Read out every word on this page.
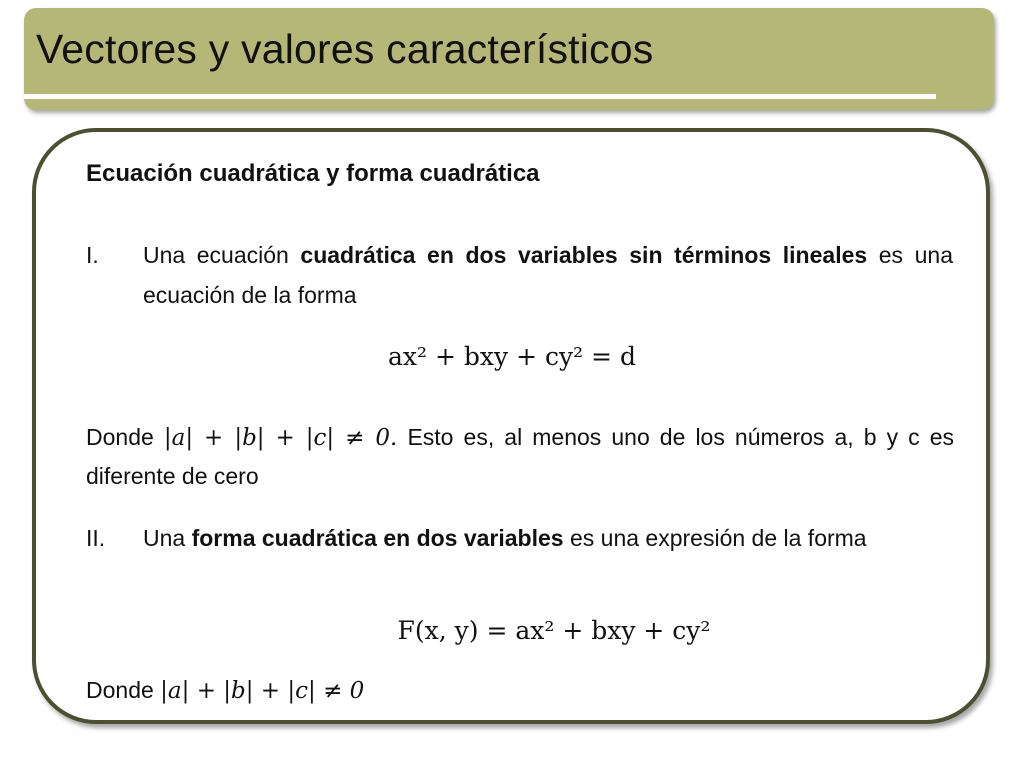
Vectores y valores característicos
Ecuación cuadrática y forma cuadrática
I. Una ecuación cuadrática en dos variables sin términos lineales es una ecuación de la forma
ax² + bxy + cy² = d
Donde |a| + |b| + |c| ≠ 0. Esto es, al menos uno de los números a, b y c es diferente de cero
II. Una forma cuadrática en dos variables es una expresión de la forma
F(x, y) = ax² + bxy + cy²
Donde |a| + |b| + |c| ≠ 0
